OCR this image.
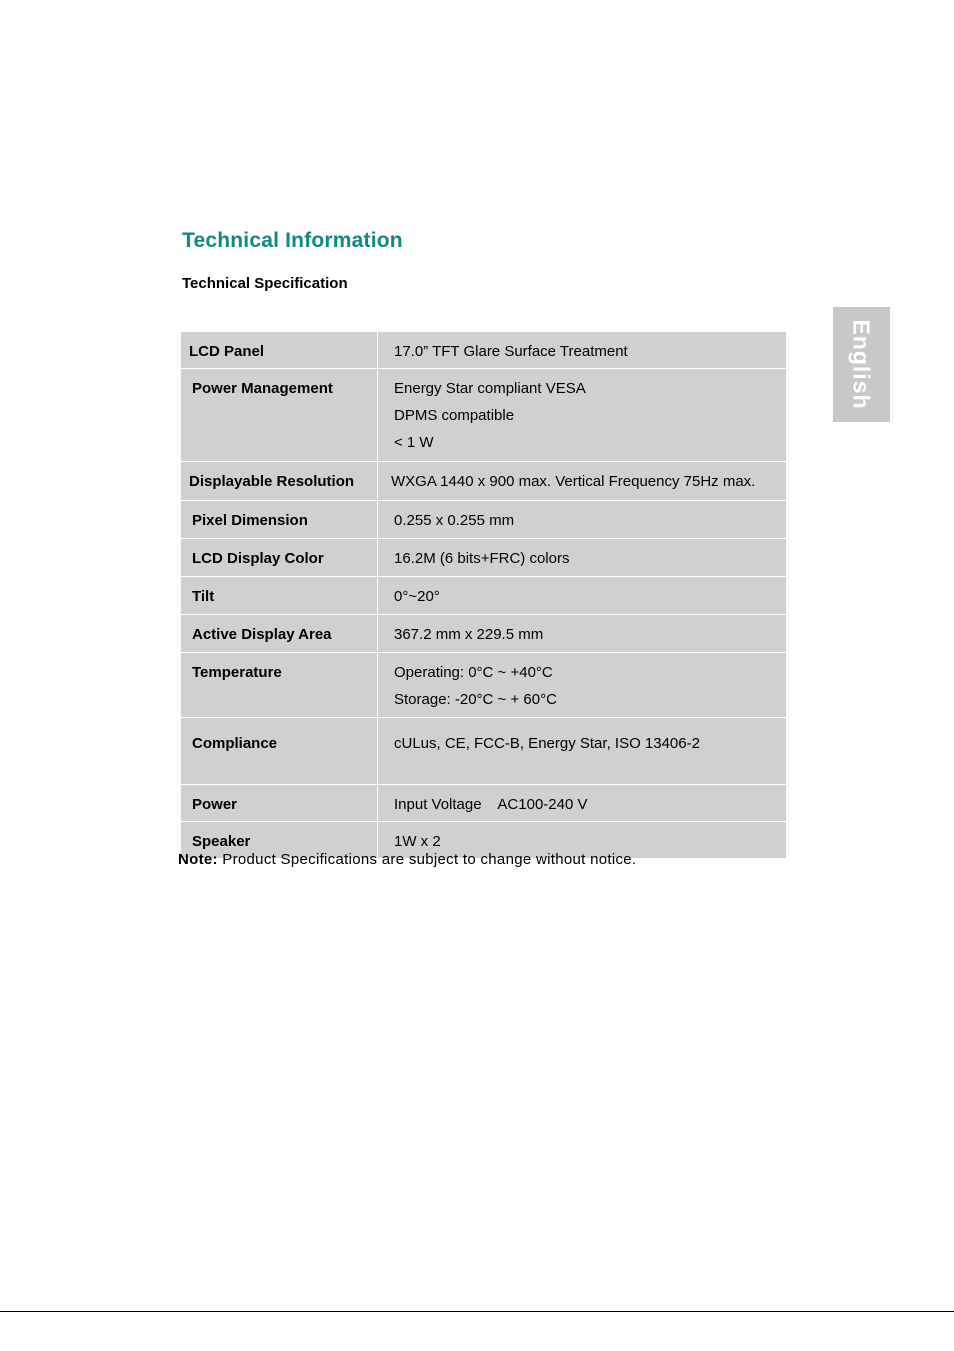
Technical Information
Technical Specification
English
LCD Panel	17.0” TFT Glare Surface Treatment

Power Management	Energy Star compliant VESA
DPMS compatible
< 1 W

Displayable Resolution	WXGA 1440 x 900 max. Vertical Frequency 75Hz max.

Pixel Dimension	0.255 x 0.255 mm

LCD Display Color	16.2M (6 bits+FRC) colors

Tilt	0°~20°

Active Display Area	367.2 mm x 229.5 mm

Temperature	Operating: 0°C ~ +40°C
Storage: -20°C ~ + 60°C

Compliance	cULus, CE, FCC-B, Energy Star, ISO 13406-2

Power	Input Voltage    AC100-240 V

Speaker	1W x 2
Note: Product Specifications are subject to change without notice.
